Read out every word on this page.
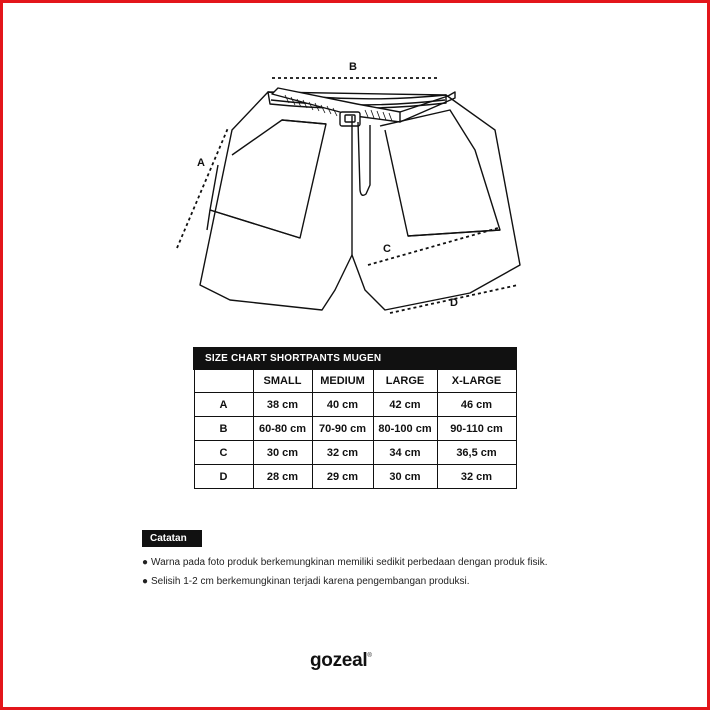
B
A
C
D
SIZE CHART SHORTPANTS MUGEN				
	SMALL	MEDIUM	LARGE	X-LARGE
A	38 cm	40 cm	42 cm	46 cm
B	60-80 cm	70-90 cm	80-100 cm	90-110 cm
C	30 cm	32 cm	34 cm	36,5 cm
D	28 cm	29 cm	30 cm	32 cm
Catatan
● Warna pada foto produk berkemungkinan memiliki sedikit perbedaan dengan produk fisik.
● Selisih 1-2 cm berkemungkinan terjadi karena pengembangan produksi.
gozeal®
